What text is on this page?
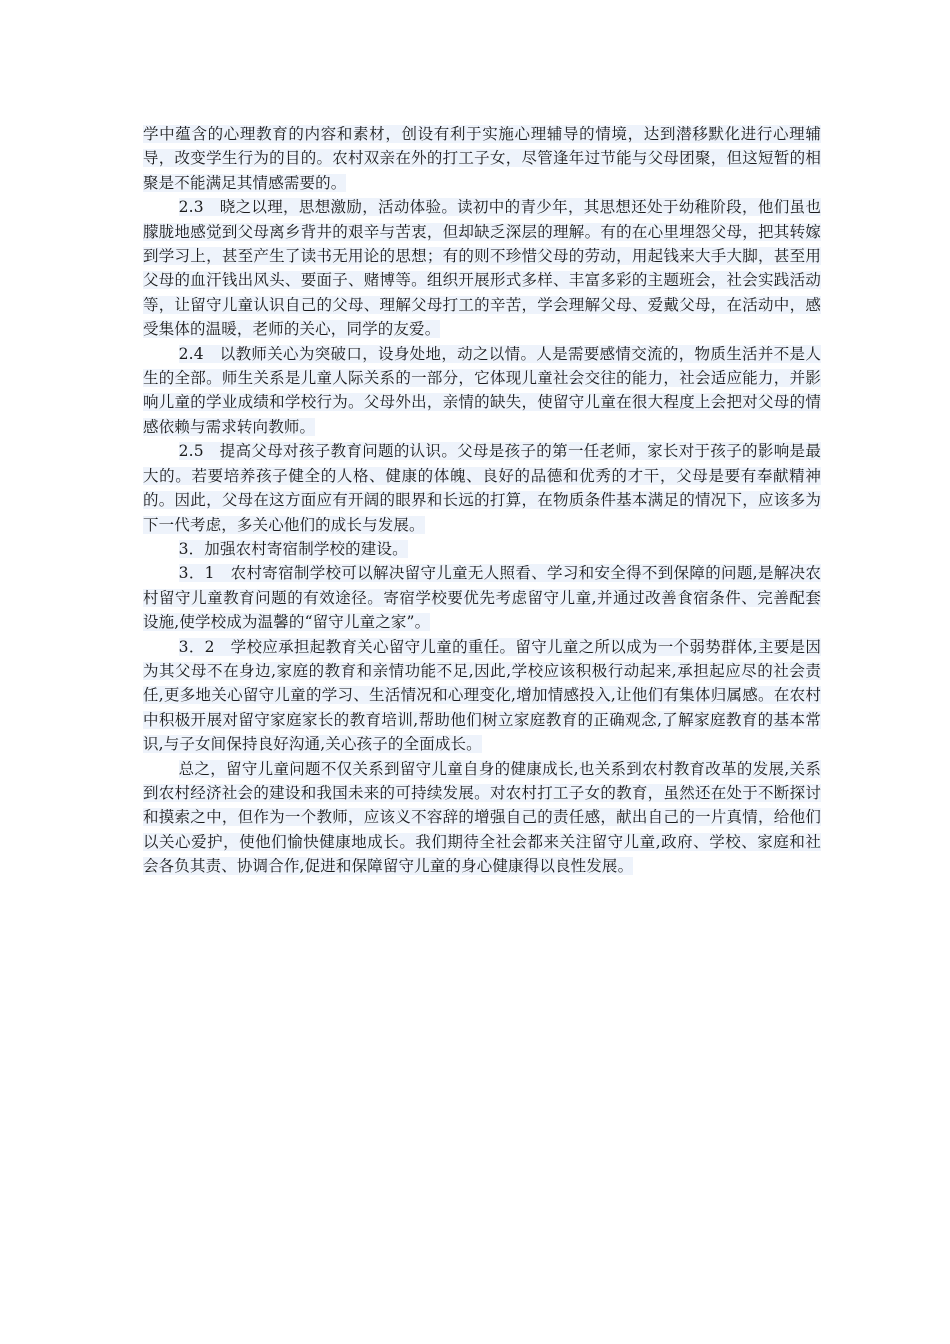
学中蕴含的心理教育的内容和素材，创设有利于实施心理辅导的情境，达到潜移默化进行心理辅导，改变学生行为的目的。农村双亲在外的打工子女，尽管逢年过节能与父母团聚，但这短暂的相聚是不能满足其情感需要的。

2.3　晓之以理，思想激励，活动体验。读初中的青少年，其思想还处于幼稚阶段，他们虽也朦胧地感觉到父母离乡背井的艰辛与苦衷，但却缺乏深层的理解。有的在心里埋怨父母，把其转嫁到学习上，甚至产生了读书无用论的思想；有的则不珍惜父母的劳动，用起钱来大手大脚，甚至用父母的血汗钱出风头、要面子、赌博等。组织开展形式多样、丰富多彩的主题班会，社会实践活动等，让留守儿童认识自己的父母、理解父母打工的辛苦，学会理解父母、爱戴父母，在活动中，感受集体的温暖，老师的关心，同学的友爱。

2.4　以教师关心为突破口，设身处地，动之以情。人是需要感情交流的，物质生活并不是人生的全部。师生关系是儿童人际关系的一部分，它体现儿童社会交往的能力，社会适应能力，并影响儿童的学业成绩和学校行为。父母外出，亲情的缺失，使留守儿童在很大程度上会把对父母的情感依赖与需求转向教师。

2.5　提高父母对孩子教育问题的认识。父母是孩子的第一任老师，家长对于孩子的影响是最大的。若要培养孩子健全的人格、健康的体魄、良好的品德和优秀的才干，父母是要有奉献精神的。因此，父母在这方面应有开阔的眼界和长远的打算，在物质条件基本满足的情况下，应该多为下一代考虑，多关心他们的成长与发展。

3．加强农村寄宿制学校的建设。

3．1　农村寄宿制学校可以解决留守儿童无人照看、学习和安全得不到保障的问题,是解决农村留守儿童教育问题的有效途径。寄宿学校要优先考虑留守儿童,并通过改善食宿条件、完善配套设施,使学校成为温馨的“留守儿童之家”。

3．2　学校应承担起教育关心留守儿童的重任。留守儿童之所以成为一个弱势群体,主要是因为其父母不在身边,家庭的教育和亲情功能不足,因此,学校应该积极行动起来,承担起应尽的社会责任,更多地关心留守儿童的学习、生活情况和心理变化,增加情感投入,让他们有集体归属感。在农村中积极开展对留守家庭家长的教育培训,帮助他们树立家庭教育的正确观念,了解家庭教育的基本常识,与子女间保持良好沟通,关心孩子的全面成长。

总之，留守儿童问题不仅关系到留守儿童自身的健康成长,也关系到农村教育改革的发展,关系到农村经济社会的建设和我国未来的可持续发展。对农村打工子女的教育，虽然还在处于不断探讨和摸索之中，但作为一个教师，应该义不容辞的增强自己的责任感，献出自己的一片真情，给他们以关心爱护，使他们愉快健康地成长。我们期待全社会都来关注留守儿童,政府、学校、家庭和社会各负其责、协调合作,促进和保障留守儿童的身心健康得以良性发展。
